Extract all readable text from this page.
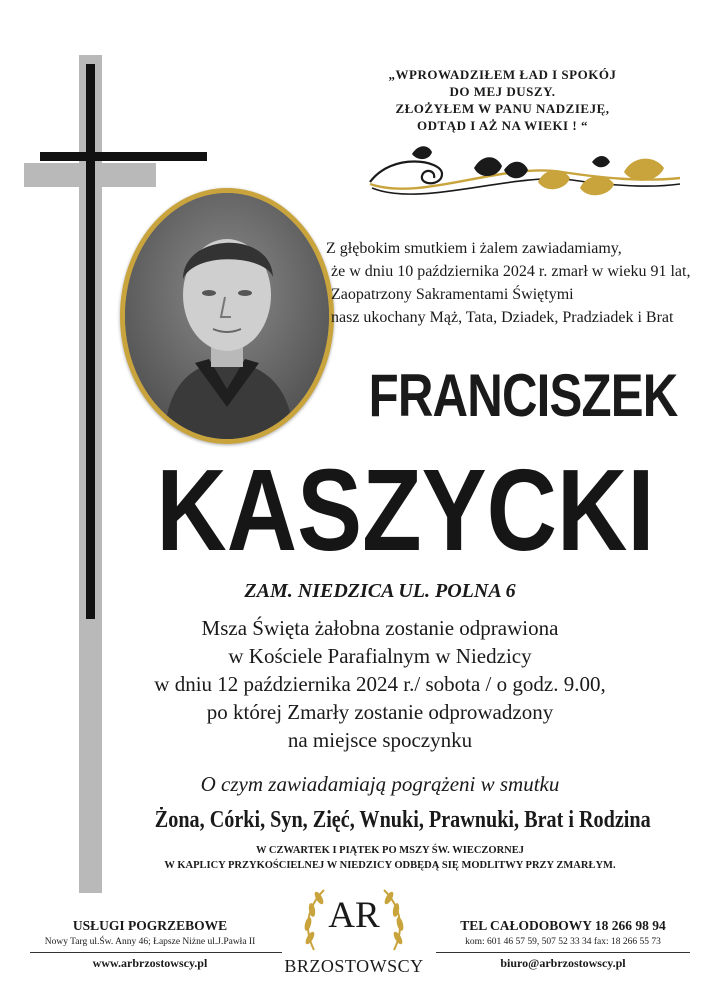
„WPROWADZIŁEM ŁAD I SPOKÓJ
DO MEJ DUSZY.
ZŁOŻYŁEM W PANU NADZIEJĘ,
ODTĄD I AŻ NA WIEKI ! “
Z głębokim smutkiem i żalem zawiadamiamy,
że w dniu 10 października 2024 r. zmarł w wieku 91 lat,
Zaopatrzony Sakramentami Świętymi
nasz ukochany Mąż, Tata, Dziadek, Pradziadek i Brat
FRANCISZEK
KASZYCKI
ZAM. NIEDZICA UL. POLNA 6
Msza Święta żałobna zostanie odprawiona
w Kościele Parafialnym w Niedzicy
w dniu 12 października 2024 r./ sobota / o godz. 9.00,
po której Zmarły zostanie odprowadzony
na miejsce spoczynku
O czym zawiadamiają pogrążeni w smutku
Żona, Córki, Syn, Zięć, Wnuki, Prawnuki, Brat i Rodzina
W CZWARTEK I PIĄTEK PO MSZY ŚW. WIECZORNEJ
W KAPLICY PRZYKOŚCIELNEJ W NIEDZICY ODBĘDĄ SIĘ MODLITWY PRZY ZMARŁYM.
USŁUGI POGRZEBOWE
Nowy Targ ul.Św. Anny 46; Łapsze Niżne ul.J.Pawła II
www.arbrzostowscy.pl
AR
BRZOSTOWSCY
TEL CAŁODOBOWY 18 266 98 94
kom: 601 46 57 59, 507 52 33 34 fax: 18 266 55 73
biuro@arbrzostowscy.pl
